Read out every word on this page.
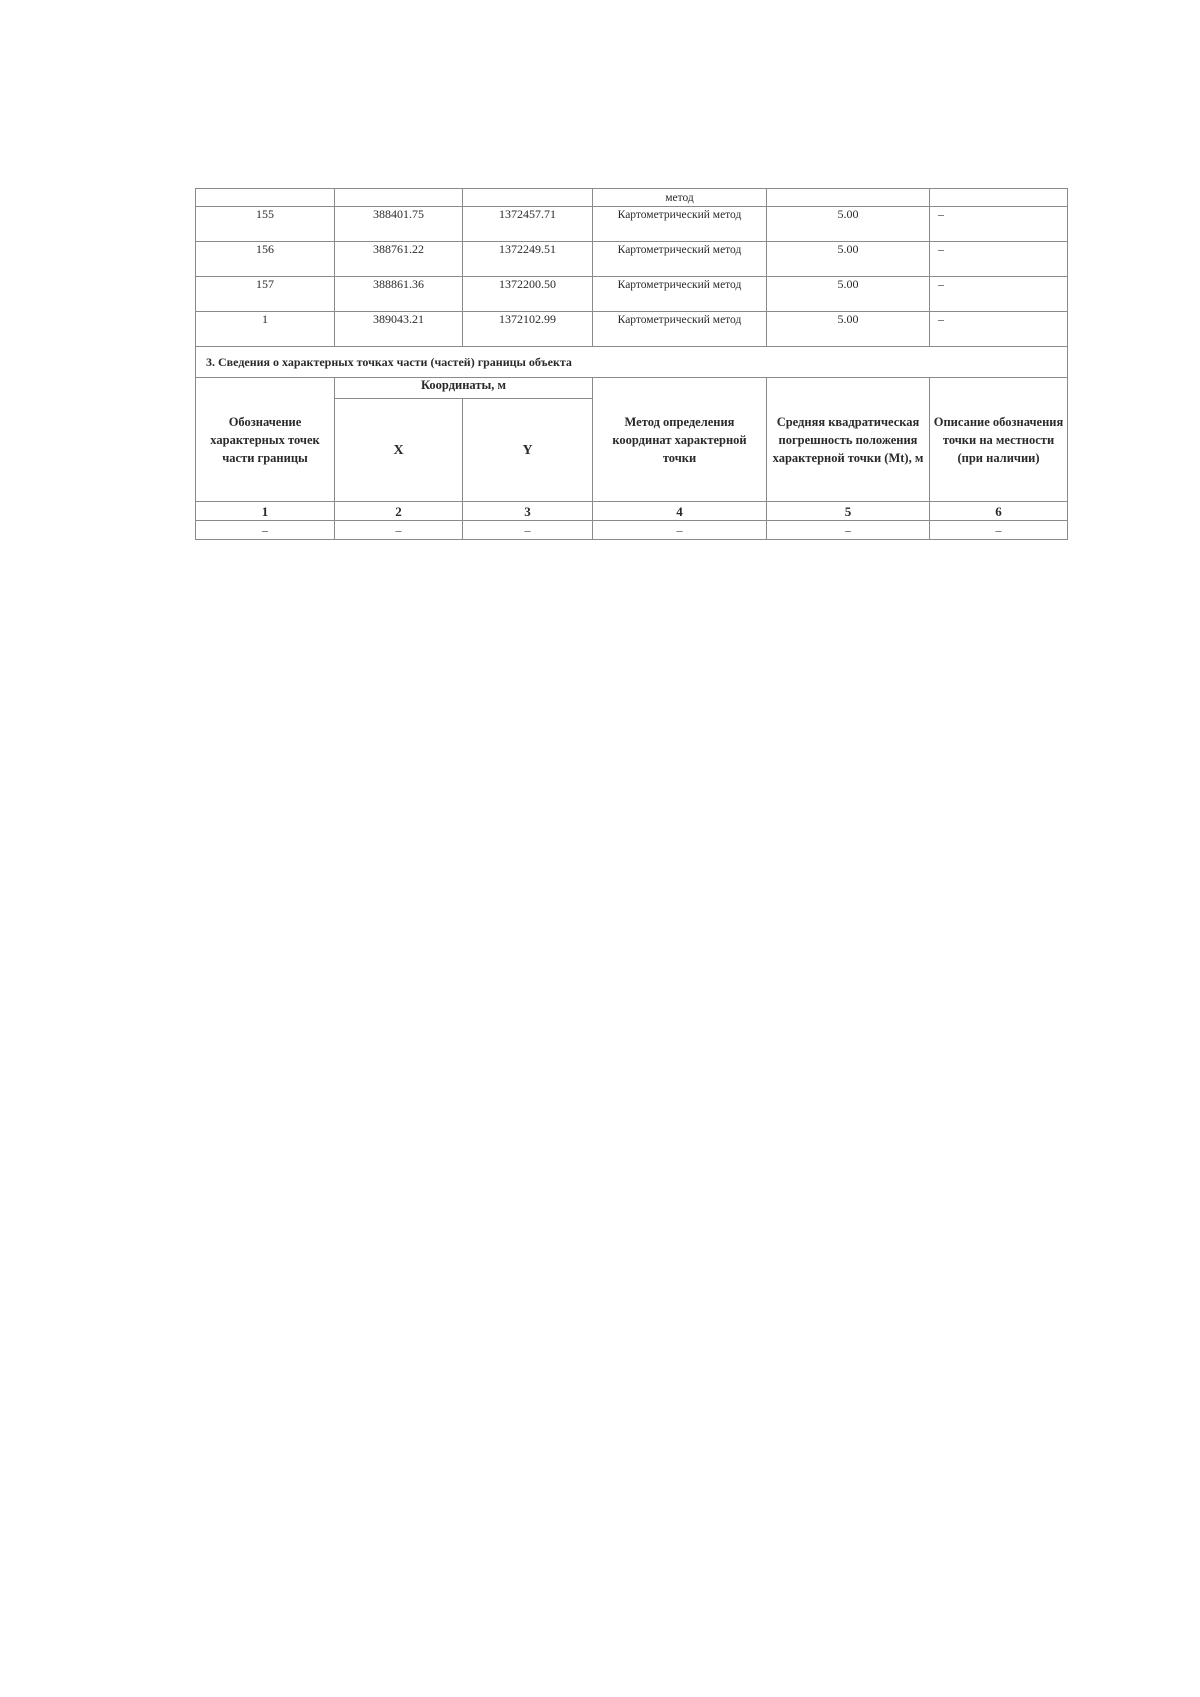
			метод		
155	388401.75	1372457.71	Картометрический метод	5.00	–
156	388761.22	1372249.51	Картометрический метод	5.00	–
157	388861.36	1372200.50	Картометрический метод	5.00	–
1	389043.21	1372102.99	Картометрический метод	5.00	–
3. Сведения о характерных точках части (частей) границы объекта					
Обозначение характерных точек части границы	Координаты, м		Метод определения координат характерной точки	Средняя квадратическая погрешность положения характерной точки (Mt), м	Описание обозначения точки на местности (при наличии)
	X	Y			
1	2	3	4	5	6
–	–	–	–	–	–
